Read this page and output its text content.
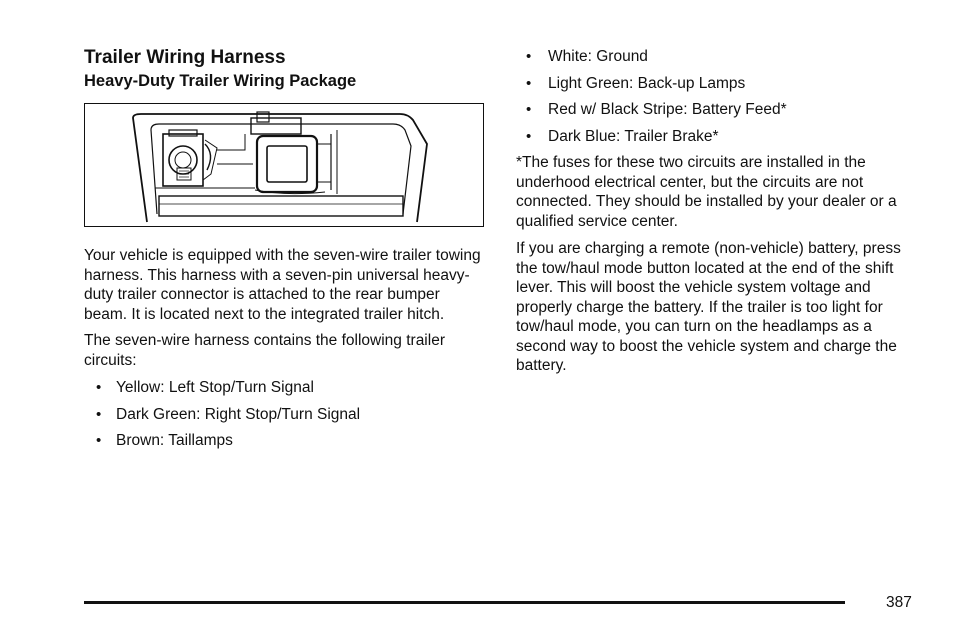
Trailer Wiring Harness
Heavy-Duty Trailer Wiring Package

Your vehicle is equipped with the seven-wire trailer towing harness. This harness with a seven-pin universal heavy-duty trailer connector is attached to the rear bumper beam. It is located next to the integrated trailer hitch.

The seven-wire harness contains the following trailer circuits:

• Yellow: Left Stop/Turn Signal
• Dark Green: Right Stop/Turn Signal
• Brown: Taillamps
• White: Ground
• Light Green: Back-up Lamps
• Red w/ Black Stripe: Battery Feed*
• Dark Blue: Trailer Brake*

*The fuses for these two circuits are installed in the underhood electrical center, but the circuits are not connected. They should be installed by your dealer or a qualified service center.

If you are charging a remote (non-vehicle) battery, press the tow/haul mode button located at the end of the shift lever. This will boost the vehicle system voltage and properly charge the battery. If the trailer is too light for tow/haul mode, you can turn on the headlamps as a second way to boost the vehicle system and charge the battery.

387
